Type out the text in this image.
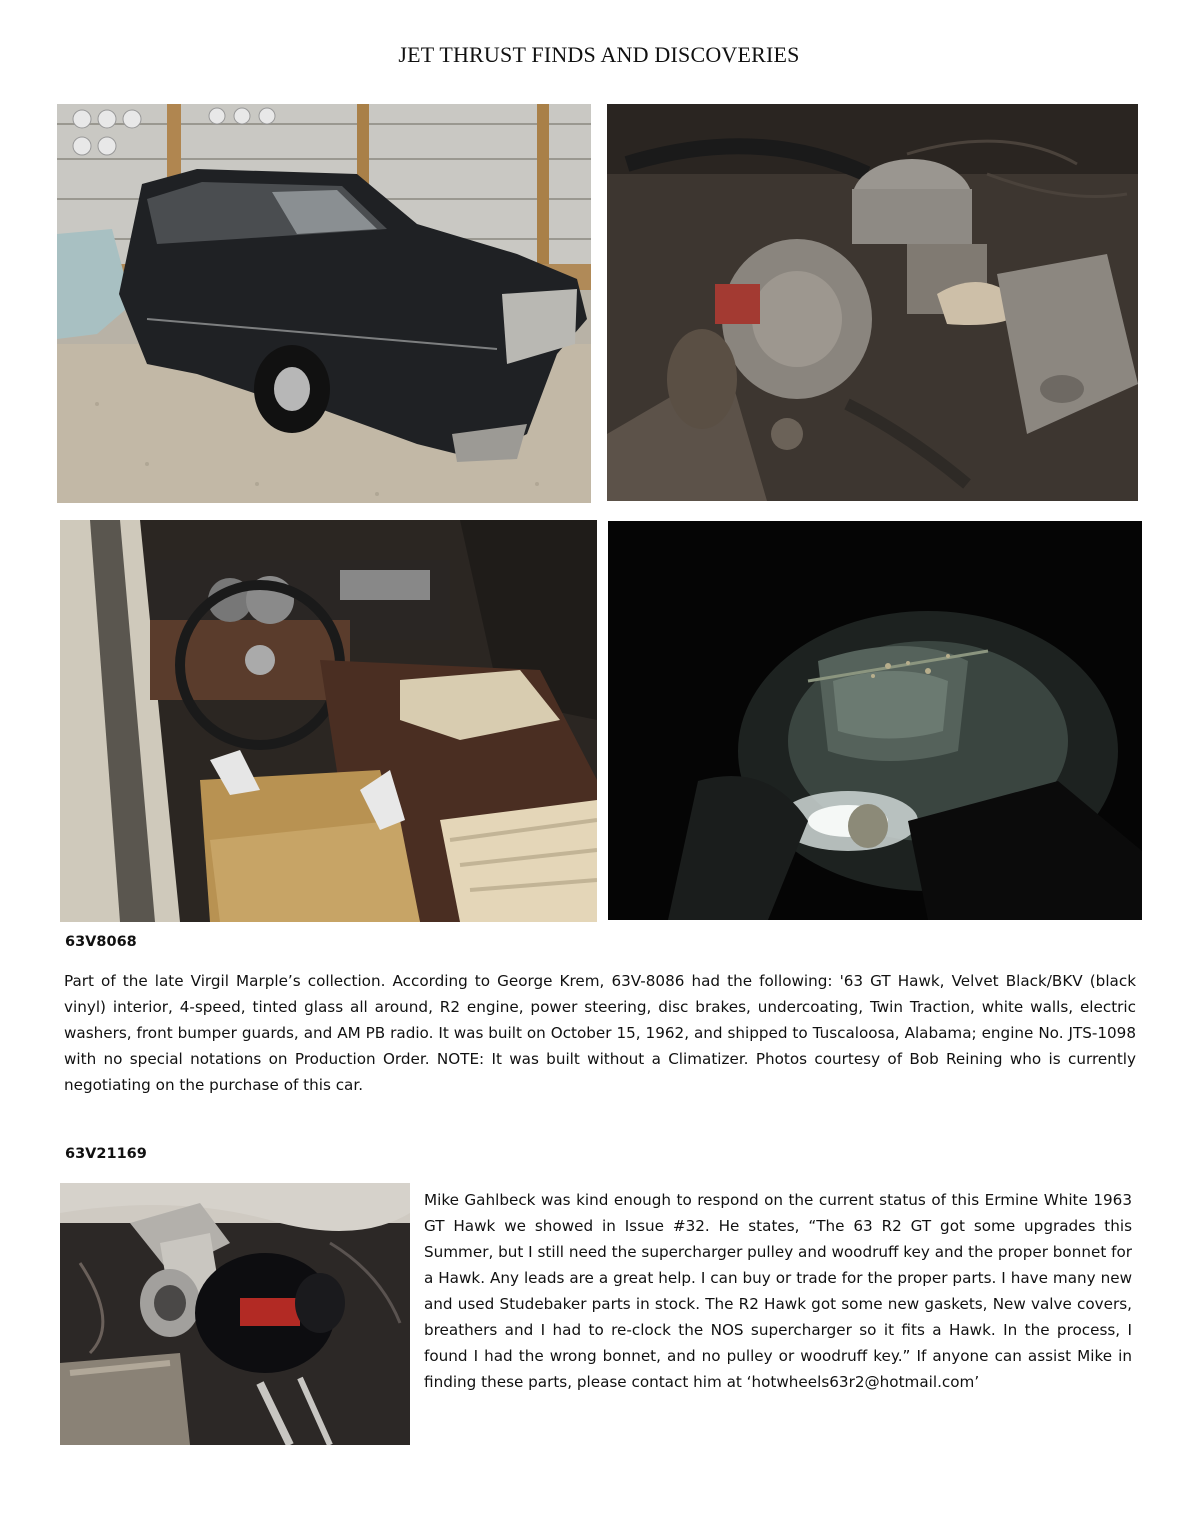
JET THRUST FINDS AND DISCOVERIES
63V8068
Part of the late Virgil Marple’s collection. According to George Krem, 63V-8086 had the following: '63 GT Hawk, Velvet Black/BKV (black vinyl) interior, 4-speed, tinted glass all around, R2 engine, power steering, disc brakes, undercoating, Twin Traction, white walls, electric washers, front bumper guards, and AM PB radio. It was built on October 15, 1962, and shipped to Tuscaloosa, Alabama; engine No. JTS-1098 with no special notations on Production Order. NOTE: It was built without a Climatizer. Photos courtesy of Bob Reining who is currently negotiating on the purchase of this car.
63V21169
Mike Gahlbeck was kind enough to respond on the current status of this Ermine White 1963 GT Hawk we showed in Issue #32. He states, “The 63 R2 GT got some upgrades this Summer, but I still need the supercharger pulley and woodruff key and the proper bonnet for a Hawk. Any leads are a great help. I can buy or trade for the proper parts. I have many new and used Studebaker parts in stock. The R2 Hawk got some new gaskets, New valve covers, breathers and I had to re-clock the NOS supercharger so it fits a Hawk. In the process, I found I had the wrong bonnet, and no pulley or woodruff key.” If anyone can assist Mike in finding these parts, please contact him at ‘hotwheels63r2@hotmail.com’
